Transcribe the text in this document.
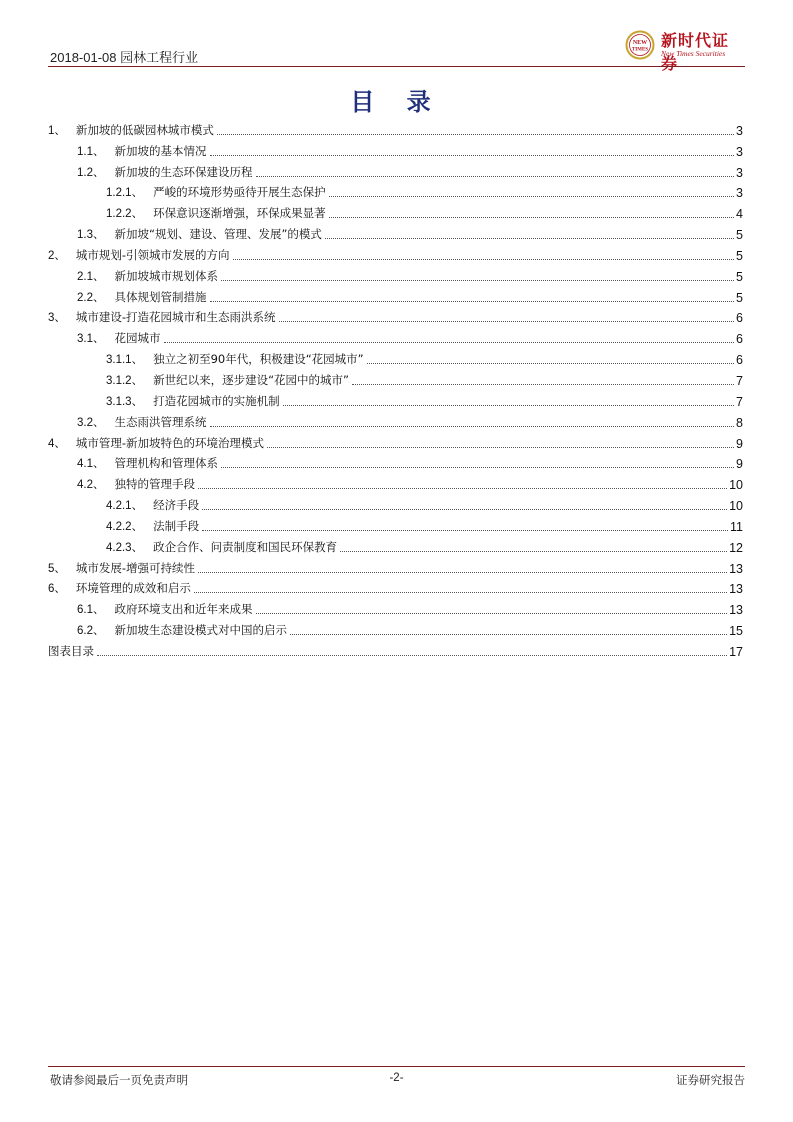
2018-01-08 园林工程行业
NEW
TIMES 新时代证券
New Times Securities
目 录
1、 新加坡的低碳园林城市模式	3
1.1、 新加坡的基本情况	3
1.2、 新加坡的生态环保建设历程	3
1.2.1、 严峻的环境形势亟待开展生态保护	3
1.2.2、 环保意识逐渐增强，环保成果显著	4
1.3、 新加坡“规划、建设、管理、发展”的模式	5
2、 城市规划-引领城市发展的方向	5
2.1、 新加坡城市规划体系	5
2.2、 具体规划管制措施	5
3、 城市建设-打造花园城市和生态雨洪系统	6
3.1、 花园城市	6
3.1.1、 独立之初至90年代，积极建设“花园城市”	6
3.1.2、 新世纪以来，逐步建设“花园中的城市”	7
3.1.3、 打造花园城市的实施机制	7
3.2、 生态雨洪管理系统	8
4、 城市管理-新加坡特色的环境治理模式	9
4.1、 管理机构和管理体系	9
4.2、 独特的管理手段	10
4.2.1、 经济手段	10
4.2.2、 法制手段	11
4.2.3、 政企合作、问责制度和国民环保教育	12
5、 城市发展-增强可持续性	13
6、 环境管理的成效和启示	13
6.1、 政府环境支出和近年来成果	13
6.2、 新加坡生态建设模式对中国的启示	15
图表目录	17
敬请参阅最后一页免责声明	-2-	证券研究报告
